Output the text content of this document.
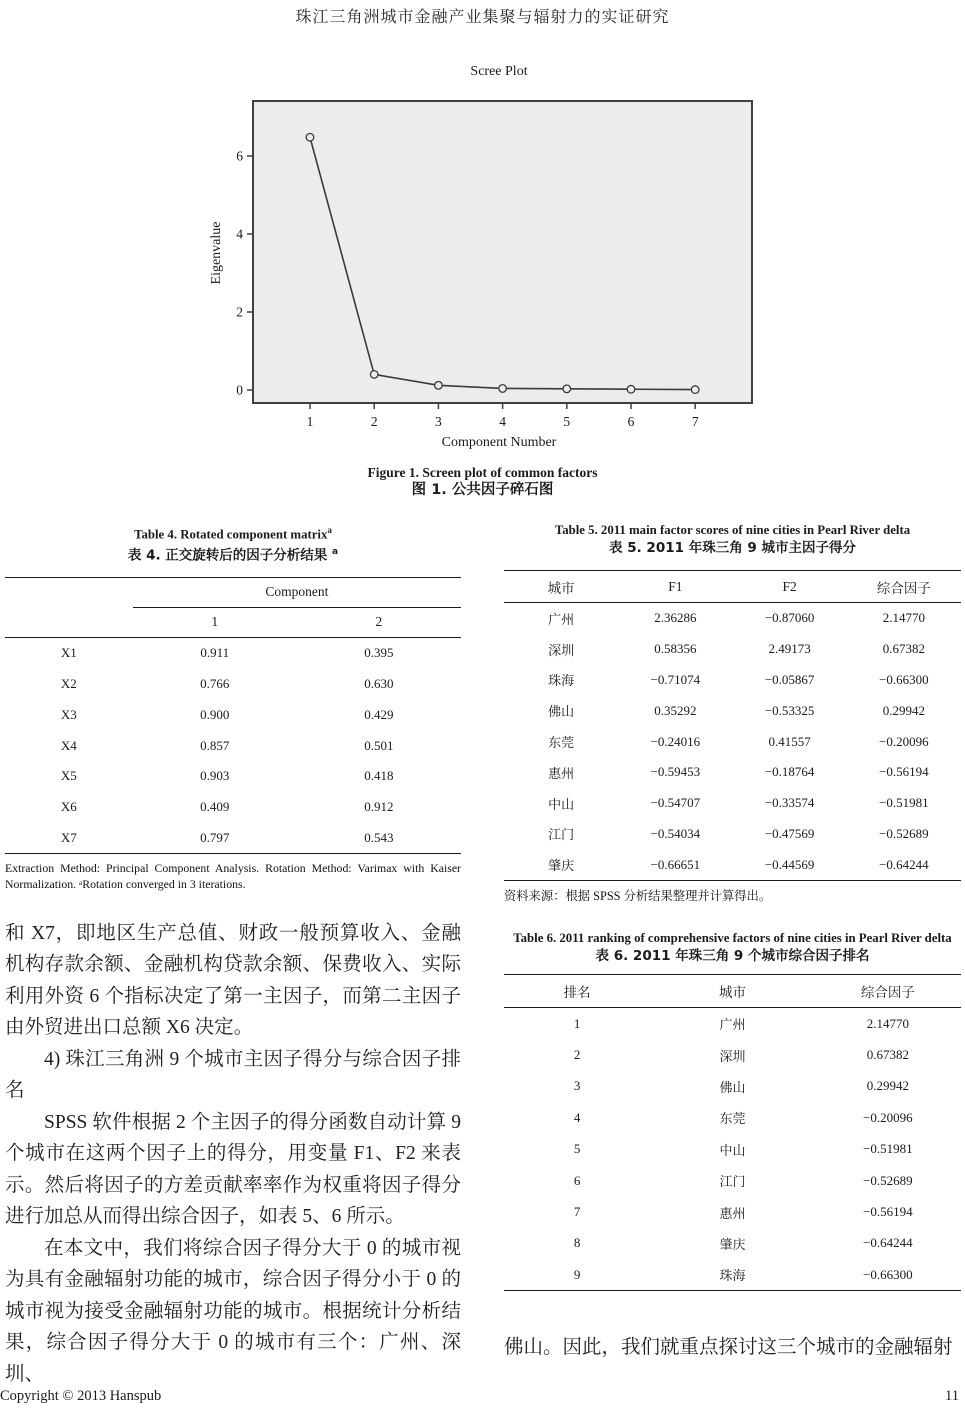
珠江三角洲城市金融产业集聚与辐射力的实证研究
Scree Plot
0
2
4
6
1	2	3	4	5	6	7
Eigenvalue
Component Number
Figure 1. Screen plot of common factors
图 1. 公共因子碎石图
Table 4. Rotated component matrix$^a$
表 4. 正交旋转后的因子分析结果 $^a$
	Component	
	1	2
X1	0.911	0.395
X2	0.766	0.630
X3	0.900	0.429
X4	0.857	0.501
X5	0.903	0.418
X6	0.409	0.912
X7	0.797	0.543
Extraction Method: Principal Component Analysis. Rotation Method: Varimax with Kaiser Normalization. ᵃRotation converged in 3 iterations.

和 X7，即地区生产总值、财政一般预算收入、金融机构存款余额、金融机构贷款余额、保费收入、实际利用外资 6 个指标决定了第一主因子，而第二主因子由外贸进出口总额 X6 决定。

4) 珠江三角洲 9 个城市主因子得分与综合因子排名

SPSS 软件根据 2 个主因子的得分函数自动计算 9 个城市在这两个因子上的得分，用变量 F1、F2 来表示。然后将因子的方差贡献率率作为权重将因子得分进行加总从而得出综合因子，如表 5、6 所示。

在本文中，我们将综合因子得分大于 0 的城市视为具有金融辐射功能的城市，综合因子得分小于 0 的城市视为接受金融辐射功能的城市。根据统计分析结果，综合因子得分大于 0 的城市有三个：广州、深圳、

Table 5. 2011 main factor scores of nine cities in Pearl River delta
表 5. 2011 年珠三角 9 城市主因子得分
城市	F1	F2	综合因子
广州	2.36286	−0.87060	2.14770
深圳	0.58356	2.49173	0.67382
珠海	−0.71074	−0.05867	−0.66300
佛山	0.35292	−0.53325	0.29942
东莞	−0.24016	0.41557	−0.20096
惠州	−0.59453	−0.18764	−0.56194
中山	−0.54707	−0.33574	−0.51981
江门	−0.54034	−0.47569	−0.52689
肇庆	−0.66651	−0.44569	−0.64244
资料来源：根据 SPSS 分析结果整理并计算得出。
Table 6. 2011 ranking of comprehensive factors of nine cities in Pearl River delta
表 6. 2011 年珠三角 9 个城市综合因子排名
排名	城市	综合因子
1	广州	2.14770
2	深圳	0.67382
3	佛山	0.29942
4	东莞	−0.20096
5	中山	−0.51981
6	江门	−0.52689
7	惠州	−0.56194
8	肇庆	−0.64244
9	珠海	−0.66300

佛山。因此，我们就重点探讨这三个城市的金融辐射

Copyright © 2013 Hanspub	11
